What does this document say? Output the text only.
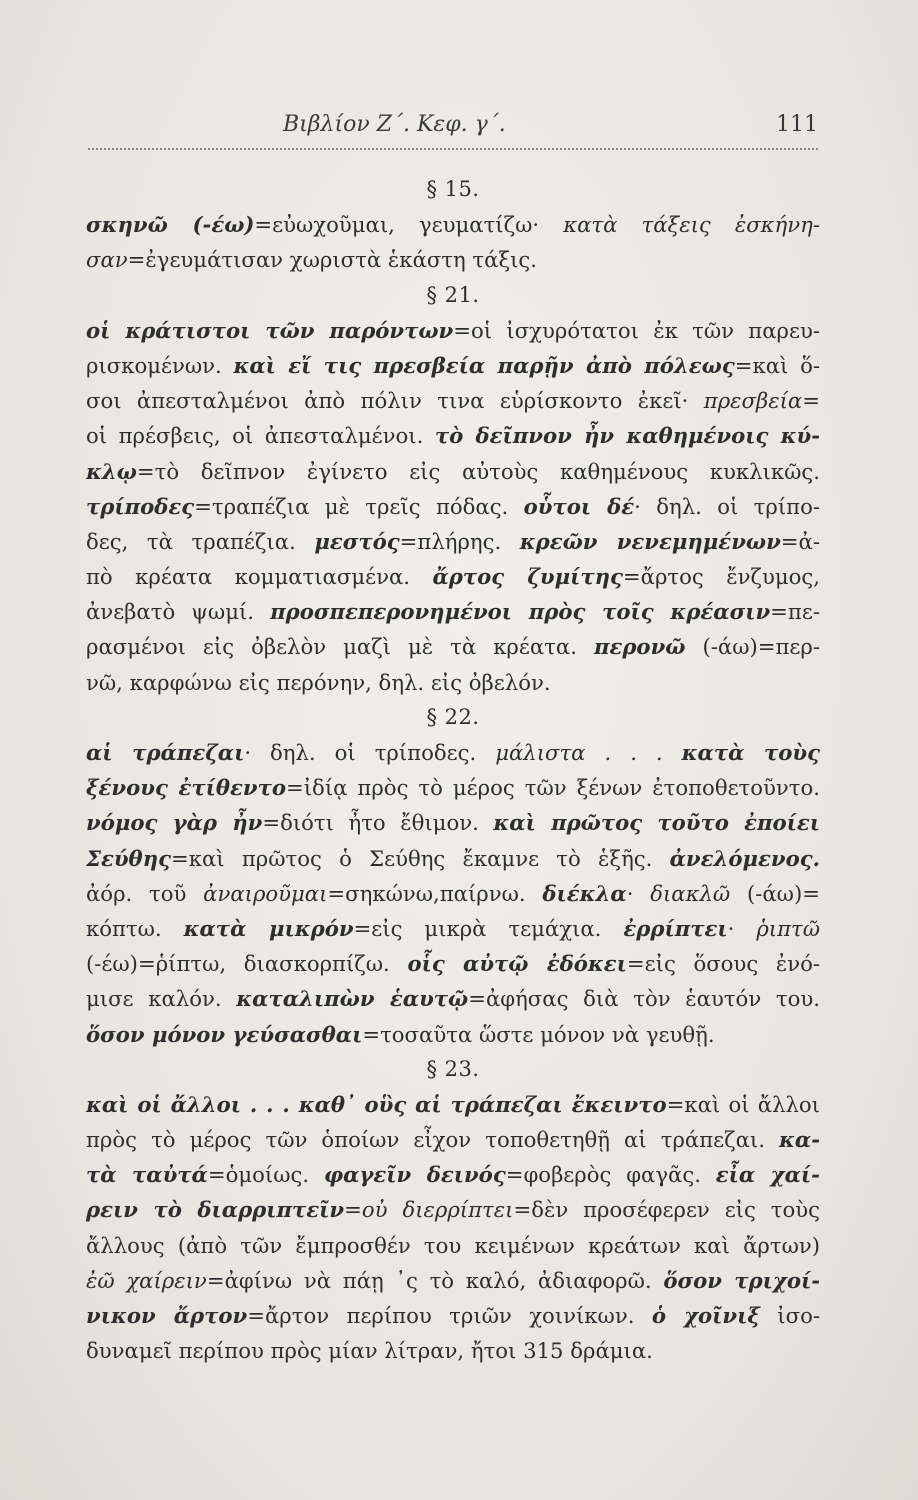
Βιβλίον Ζ΄. Κεφ. γ΄.	111
§ 15.
σκηνῶ (-έω)=εὐωχοῦμαι, γευματίζω· κατὰ τάξεις ἐσκήνη-
σαν=ἐγευμάτισαν χωριστὰ ἑκάστη τάξις.
§ 21.
οἱ κράτιστοι τῶν παρόντων=οἱ ἰσχυρότατοι ἐκ τῶν παρευ-
ρισκομένων. καὶ εἴ τις πρεσβεία παρῇν ἀπὸ πόλεως=καὶ ὅ-
σοι ἀπεσταλμένοι ἀπὸ πόλιν τινα εὑρίσκοντο ἐκεῖ· πρεσβεία=
οἱ πρέσβεις, οἱ ἀπεσταλμένοι. τὸ δεῖπνον ἦν καθημένοις κύ-
κλῳ=τὸ δεῖπνον ἐγίνετο εἰς αὐτοὺς καθημένους κυκλικῶς.
τρίποδες=τραπέζια μὲ τρεῖς πόδας. οὗτοι δέ· δηλ. οἱ τρίπο-
δες, τὰ τραπέζια. μεστός=πλήρης. κρεῶν νενεμημένων=ἀ-
πὸ κρέατα κομματιασμένα. ἄρτος ζυμίτης=ἄρτος ἔνζυμος,
ἀνεβατὸ ψωμί. προσπεπερονημένοι πρὸς τοῖς κρέασιν=πε-
ρασμένοι εἰς ὀβελὸν μαζὶ μὲ τὰ κρέατα. περονῶ (-άω)=περ-
νῶ, καρφώνω εἰς περόνην, δηλ. εἰς ὀβελόν.
§ 22.
αἱ τράπεζαι· δηλ. οἱ τρίποδες. μάλιστα . . . κατὰ τοὺς
ξένους ἐτίθεντο=ἰδίᾳ πρὸς τὸ μέρος τῶν ξένων ἐτοποθετοῦντο.
νόμος γὰρ ἦν=διότι ἦτο ἔθιμον. καὶ πρῶτος τοῦτο ἐποίει
Σεύθης=καὶ πρῶτος ὁ Σεύθης ἔκαμνε τὸ ἑξῆς. ἀνελόμενος.
ἀόρ. τοῦ ἀναιροῦμαι=σηκώνω,παίρνω. διέκλα· διακλῶ (-άω)=
κόπτω. κατὰ μικρόν=εἰς μικρὰ τεμάχια. ἐρρίπτει· ῥιπτῶ
(-έω)=ῥίπτω, διασκορπίζω. οἷς αὐτῷ ἐδόκει=εἰς ὅσους ἐνό-
μισε καλόν. καταλιπὼν ἑαυτῷ=ἀφήσας διὰ τὸν ἑαυτόν του.
ὅσον μόνον γεύσασθαι=τοσαῦτα ὥστε μόνον νὰ γευθῇ.
§ 23.
καὶ οἱ ἄλλοι . . . καθ᾽ οὓς αἱ τράπεζαι ἔκειντο=καὶ οἱ ἄλλοι
πρὸς τὸ μέρος τῶν ὁποίων εἶχον τοποθετηθῇ αἱ τράπεζαι. κα-
τὰ ταὐτά=ὁμοίως. φαγεῖν δεινός=φοβερὸς φαγᾶς. εἶα χαί-
ρειν τὸ διαρριπτεῖν=οὐ διερρίπτει=δὲν προσέφερεν εἰς τοὺς
ἄλλους (ἀπὸ τῶν ἔμπροσθέν του κειμένων κρεάτων καὶ ἄρτων)
ἐῶ χαίρειν=ἀφίνω νὰ πάῃ ᾽ς τὸ καλό, ἀδιαφορῶ. ὅσον τριχοί-
νικον ἄρτον=ἄρτον περίπου τριῶν χοινίκων. ὁ χοῖνιξ ἰσο-
δυναμεῖ περίπου πρὸς μίαν λίτραν, ἤτοι 315 δράμια.
